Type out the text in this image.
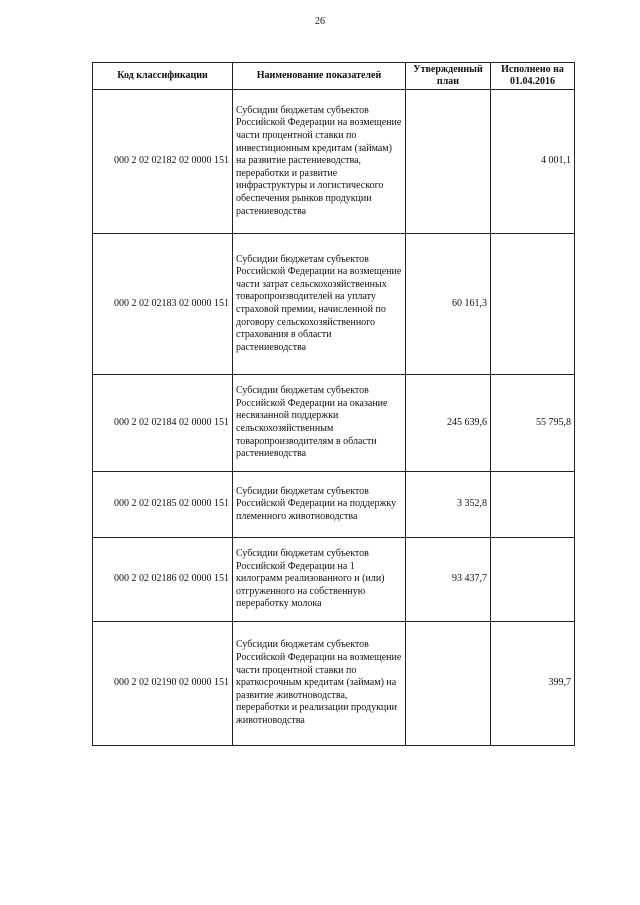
26
Код классификации	Наименование показателей	Утвержденный план	Исполнено на 01.04.2016
000 2 02 02182 02 0000 151	Субсидии бюджетам субъектов Российской Федерации на возмещение части процентной ставки по инвестиционным кредитам (займам) на развитие растениеводства, переработки и развитие инфраструктуры и логистического обеспечения рынков продукции растениеводства		4 001,1
000 2 02 02183 02 0000 151	Субсидии бюджетам субъектов Российской Федерации на возмещение части затрат сельскохозяйственных товаропроизводителей на уплату страховой премии, начисленной по договору сельскохозяйственного страхования в области растениеводства	60 161,3	
000 2 02 02184 02 0000 151	Субсидии бюджетам субъектов Российской Федерации на оказание несвязанной поддержки сельскохозяйственным товаропроизводителям в области растениеводства	245 639,6	55 795,8
000 2 02 02185 02 0000 151	Субсидии бюджетам субъектов Российской Федерации на поддержку племенного животноводства	3 352,8	
000 2 02 02186 02 0000 151	Субсидии бюджетам субъектов Российской Федерации на 1 килограмм реализованного и (или) отгруженного на собственную переработку молока	93 437,7	
000 2 02 02190 02 0000 151	Субсидии бюджетам субъектов Российской Федерации на возмещение части процентной ставки по краткосрочным кредитам (займам) на развитие животноводства, переработки и реализации продукции животноводства		399,7
